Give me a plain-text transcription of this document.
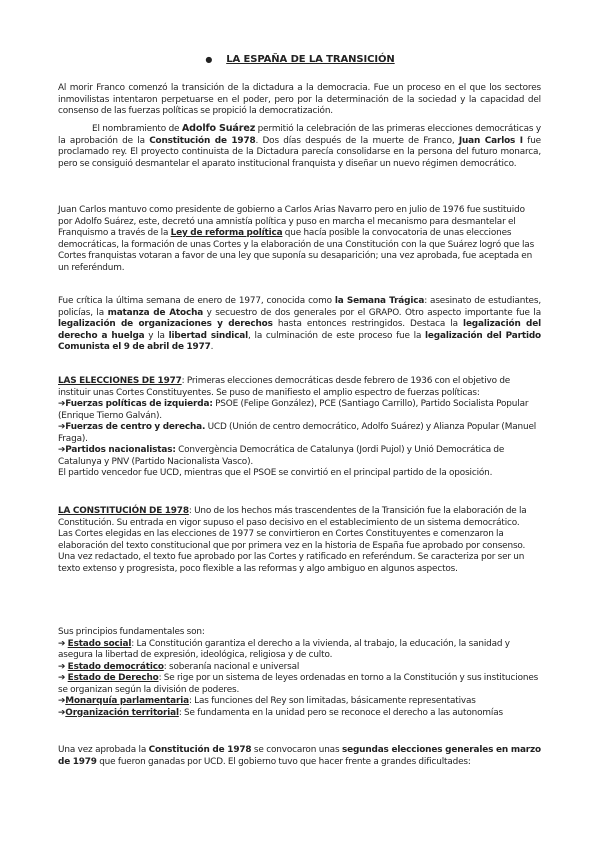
● LA ESPAÑA DE LA TRANSICIÓN
Al morir Franco comenzó la transición de la dictadura a la democracia. Fue un proceso en el que los sectores inmovilistas intentaron perpetuarse en el poder, pero por la determinación de la sociedad y la capacidad del consenso de las fuerzas políticas se propició la democratización.
El nombramiento de Adolfo Suárez permitió la celebración de las primeras elecciones democráticas y la aprobación de la Constitución de 1978. Dos días después de la muerte de Franco, Juan Carlos I fue proclamado rey. El proyecto continuista de la Dictadura parecía consolidarse en la persona del futuro monarca, pero se consiguió desmantelar el aparato institucional franquista y diseñar un nuevo régimen democrático.
Juan Carlos mantuvo como presidente de gobierno a Carlos Arias Navarro pero en julio de 1976 fue sustituido por Adolfo Suárez, este, decretó una amnistía política y puso en marcha el mecanismo para desmantelar el Franquismo a través de la Ley de reforma política que hacía posible la convocatoria de unas elecciones democráticas, la formación de unas Cortes y la elaboración de una Constitución con la que Suárez logró que las Cortes franquistas votaran a favor de una ley que suponía su desaparición; una vez aprobada, fue aceptada en un referéndum.
Fue crítica la última semana de enero de 1977, conocida como la Semana Trágica: asesinato de estudiantes, policías, la matanza de Atocha y secuestro de dos generales por el GRAPO. Otro aspecto importante fue la legalización de organizaciones y derechos hasta entonces restringidos. Destaca la legalización del derecho a huelga y la libertad sindical, la culminación de este proceso fue la legalización del Partido Comunista el 9 de abril de 1977.
LAS ELECCIONES DE 1977: Primeras elecciones democráticas desde febrero de 1936 con el objetivo de instituir unas Cortes Constituyentes. Se puso de manifiesto el amplio espectro de fuerzas políticas:
➔Fuerzas políticas de izquierda: PSOE (Felipe González), PCE (Santiago Carrillo), Partido Socialista Popular (Enrique Tierno Galván).
➔Fuerzas de centro y derecha. UCD (Unión de centro democrático, Adolfo Suárez) y Alianza Popular (Manuel Fraga).
➔Partidos nacionalistas: Convergència Democrática de Catalunya (Jordi Pujol) y Unió Democrática de Catalunya y PNV (Partido Nacionalista Vasco).
El partido vencedor fue UCD, mientras que el PSOE se convirtió en el principal partido de la oposición.
LA CONSTITUCIÓN DE 1978: Uno de los hechos más trascendentes de la Transición fue la elaboración de la Constitución. Su entrada en vigor supuso el paso decisivo en el establecimiento de un sistema democrático.
Las Cortes elegidas en las elecciones de 1977 se convirtieron en Cortes Constituyentes e comenzaron la elaboración del texto constitucional que por primera vez en la historia de España fue aprobado por consenso.
Una vez redactado, el texto fue aprobado por las Cortes y ratificado en referéndum. Se caracteriza por ser un texto extenso y progresista, poco flexible a las reformas y algo ambiguo en algunos aspectos.
Sus principios fundamentales son:
➔ Estado social: La Constitución garantiza el derecho a la vivienda, al trabajo, la educación, la sanidad y asegura la libertad de expresión, ideológica, religiosa y de culto.
➔ Estado democrático: soberanía nacional e universal
➔ Estado de Derecho: Se rige por un sistema de leyes ordenadas en torno a la Constitución y sus instituciones se organizan según la división de poderes.
➔Monarquía parlamentaria: Las funciones del Rey son limitadas, básicamente representativas
➔Organización territorial: Se fundamenta en la unidad pero se reconoce el derecho a las autonomías
Una vez aprobada la Constitución de 1978 se convocaron unas segundas elecciones generales en marzo de 1979 que fueron ganadas por UCD. El gobierno tuvo que hacer frente a grandes dificultades:
